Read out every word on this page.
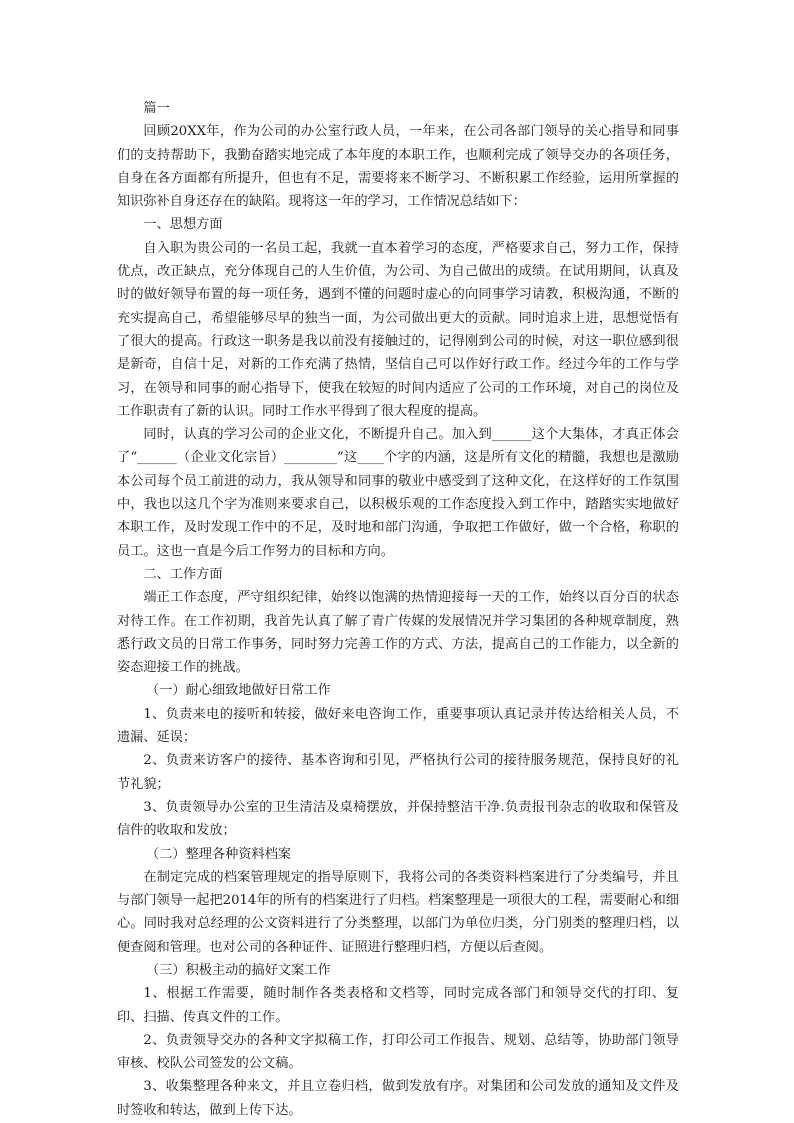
篇一

回顾20XX年，作为公司的办公室行政人员，一年来，在公司各部门领导的关心指导和同事们的支持帮助下，我勤奋踏实地完成了本年度的本职工作，也顺利完成了领导交办的各项任务，自身在各方面都有所提升，但也有不足，需要将来不断学习、不断积累工作经验，运用所掌握的知识弥补自身还存在的缺陷。现将这一年的学习，工作情况总结如下：

一、思想方面

自入职为贵公司的一名员工起，我就一直本着学习的态度，严格要求自己，努力工作，保持优点，改正缺点，充分体现自己的人生价值，为公司、为自己做出的成绩。在试用期间，认真及时的做好领导布置的每一项任务，遇到不懂的问题时虚心的向同事学习请教，积极沟通，不断的充实提高自己，希望能够尽早的独当一面，为公司做出更大的贡献。同时追求上进，思想觉悟有了很大的提高。行政这一职务是我以前没有接触过的，记得刚到公司的时候，对这一职位感到很是新奇，自信十足，对新的工作充满了热情，坚信自己可以作好行政工作。经过今年的工作与学习，在领导和同事的耐心指导下，使我在较短的时间内适应了公司的工作环境，对自己的岗位及工作职责有了新的认识。同时工作水平得到了很大程度的提高。

同时，认真的学习公司的企业文化，不断提升自己。加入到______这个大集体，才真正体会了“______（企业文化宗旨）________”这____个字的内涵，这是所有文化的精髓，我想也是激励本公司每个员工前进的动力，我从领导和同事的敬业中感受到了这种文化，在这样好的工作氛围中，我也以这几个字为准则来要求自己，以积极乐观的工作态度投入到工作中，踏踏实实地做好本职工作，及时发现工作中的不足，及时地和部门沟通，争取把工作做好，做一个合格，称职的员工。这也一直是今后工作努力的目标和方向。

二、工作方面

端正工作态度，严守组织纪律，始终以饱满的热情迎接每一天的工作，始终以百分百的状态对待工作。在工作初期，我首先认真了解了青广传媒的发展情况并学习集团的各种规章制度，熟悉行政文员的日常工作事务，同时努力完善工作的方式、方法，提高自己的工作能力，以全新的姿态迎接工作的挑战。

（一）耐心细致地做好日常工作

1、负责来电的接听和转接，做好来电咨询工作，重要事项认真记录并传达给相关人员，不遗漏、延误；

2、负责来访客户的接待、基本咨询和引见，严格执行公司的接待服务规范，保持良好的礼节礼貌；

3、负责领导办公室的卫生清洁及桌椅摆放，并保持整洁干净.负责报刊杂志的收取和保管及信件的收取和发放；

（二）整理各种资料档案

在制定完成的档案管理规定的指导原则下，我将公司的各类资料档案进行了分类编号，并且与部门领导一起把2014年的所有的档案进行了归档。档案整理是一项很大的工程，需要耐心和细心。同时我对总经理的公文资料进行了分类整理，以部门为单位归类，分门别类的整理归档，以便查阅和管理。也对公司的各种证件、证照进行整理归档，方便以后查阅。

（三）积极主动的搞好文案工作

1、根据工作需要，随时制作各类表格和文档等，同时完成各部门和领导交代的打印、复印、扫描、传真文件的工作。

2、负责领导交办的各种文字拟稿工作，打印公司工作报告、规划、总结等，协助部门领导审核、校队公司签发的公文稿。

3、收集整理各种来文，并且立卷归档，做到发放有序。对集团和公司发放的通知及文件及时签收和转达，做到上传下达。
